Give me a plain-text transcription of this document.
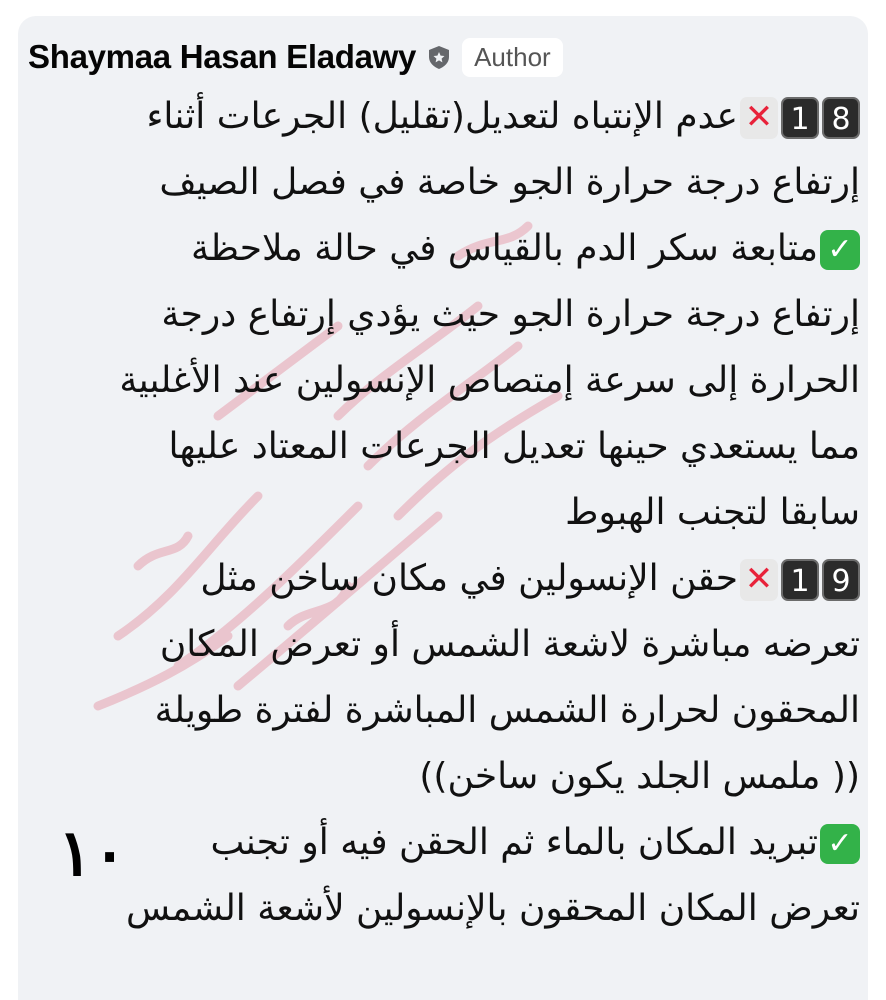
Shaymaa Hasan Eladawy	Author
81✕عدم الإنتباه لتعديل(تقليل) الجرعات أثناء
إرتفاع درجة حرارة الجو خاصة في فصل الصيف
✓متابعة سكر الدم بالقياس في حالة ملاحظة
إرتفاع درجة حرارة الجو حيث يؤدي إرتفاع درجة
الحرارة إلى سرعة إمتصاص الإنسولين عند الأغلبية
مما يستعدي حينها تعديل الجرعات المعتاد عليها
سابقا لتجنب الهبوط
91✕حقن الإنسولين في مكان ساخن مثل
تعرضه مباشرة لاشعة الشمس أو تعرض المكان
المحقون لحرارة الشمس المباشرة لفترة طويلة
(( ملمس الجلد يكون ساخن))
✓تبريد المكان بالماء ثم الحقن فيه أو تجنب
تعرض المكان المحقون بالإنسولين لأشعة الشمس
١٠
